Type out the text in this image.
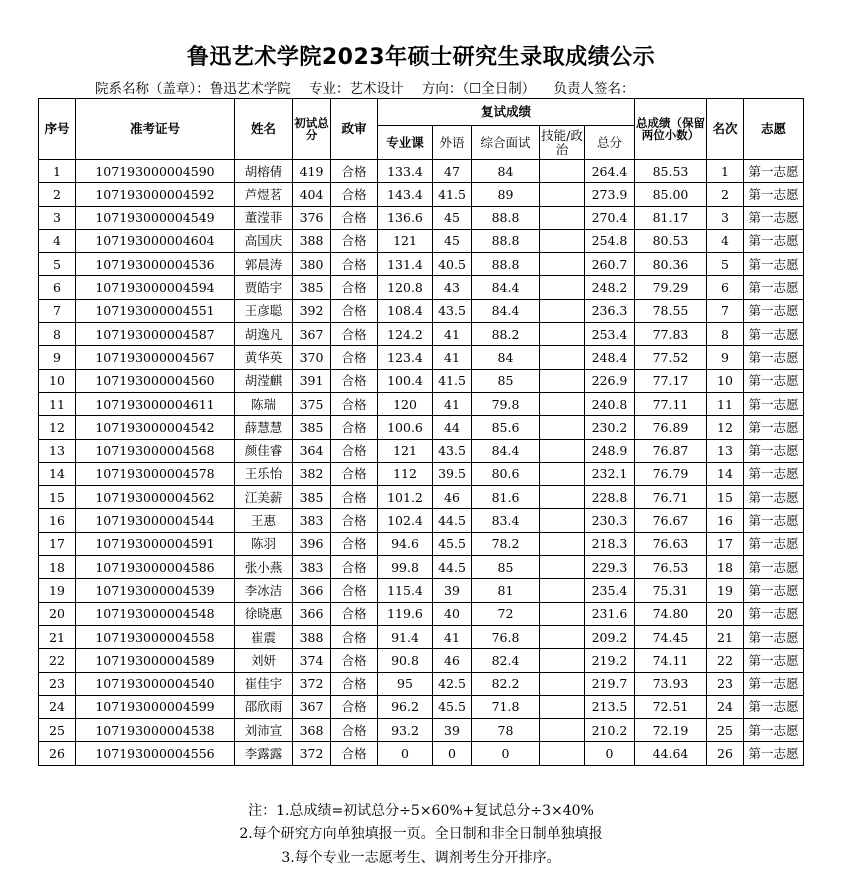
鲁迅艺术学院2023年硕士研究生录取成绩公示
院系名称（盖章）：鲁迅艺术学院 专业：艺术设计 方向：（☐全日制） 负责人签名：
序号	准考证号	姓名	初试总分	政审	复试成绩					总成绩（保留两位小数）	名次	志愿
					专业课	外语	综合面试	技能/政治	总分			
1	107193000004590	胡榕倩	419	合格	133.4	47	84		264.4	85.53	1	第一志愿
2	107193000004592	芦煜茗	404	合格	143.4	41.5	89		273.9	85.00	2	第一志愿
3	107193000004549	董滢菲	376	合格	136.6	45	88.8		270.4	81.17	3	第一志愿
4	107193000004604	高国庆	388	合格	121	45	88.8		254.8	80.53	4	第一志愿
5	107193000004536	郭晨涛	380	合格	131.4	40.5	88.8		260.7	80.36	5	第一志愿
6	107193000004594	贾皓宇	385	合格	120.8	43	84.4		248.2	79.29	6	第一志愿
7	107193000004551	王彦聪	392	合格	108.4	43.5	84.4		236.3	78.55	7	第一志愿
8	107193000004587	胡逸凡	367	合格	124.2	41	88.2		253.4	77.83	8	第一志愿
9	107193000004567	黄华英	370	合格	123.4	41	84		248.4	77.52	9	第一志愿
10	107193000004560	胡滢麒	391	合格	100.4	41.5	85		226.9	77.17	10	第一志愿
11	107193000004611	陈瑞	375	合格	120	41	79.8		240.8	77.11	11	第一志愿
12	107193000004542	薛慧慧	385	合格	100.6	44	85.6		230.2	76.89	12	第一志愿
13	107193000004568	颜佳睿	364	合格	121	43.5	84.4		248.9	76.87	13	第一志愿
14	107193000004578	王乐怡	382	合格	112	39.5	80.6		232.1	76.79	14	第一志愿
15	107193000004562	江美薪	385	合格	101.2	46	81.6		228.8	76.71	15	第一志愿
16	107193000004544	王惠	383	合格	102.4	44.5	83.4		230.3	76.67	16	第一志愿
17	107193000004591	陈羽	396	合格	94.6	45.5	78.2		218.3	76.63	17	第一志愿
18	107193000004586	张小燕	383	合格	99.8	44.5	85		229.3	76.53	18	第一志愿
19	107193000004539	李冰洁	366	合格	115.4	39	81		235.4	75.31	19	第一志愿
20	107193000004548	徐晓惠	366	合格	119.6	40	72		231.6	74.80	20	第一志愿
21	107193000004558	崔震	388	合格	91.4	41	76.8		209.2	74.45	21	第一志愿
22	107193000004589	刘妍	374	合格	90.8	46	82.4		219.2	74.11	22	第一志愿
23	107193000004540	崔佳宇	372	合格	95	42.5	82.2		219.7	73.93	23	第一志愿
24	107193000004599	邵欣雨	367	合格	96.2	45.5	71.8		213.5	72.51	24	第一志愿
25	107193000004538	刘沛宣	368	合格	93.2	39	78		210.2	72.19	25	第一志愿
26	107193000004556	李露露	372	合格	0	0	0		0	44.64	26	第一志愿
注：1.总成绩=初试总分÷5×60%+复试总分÷3×40%
2.每个研究方向单独填报一页。全日制和非全日制单独填报
3.每个专业一志愿考生、调剂考生分开排序。
